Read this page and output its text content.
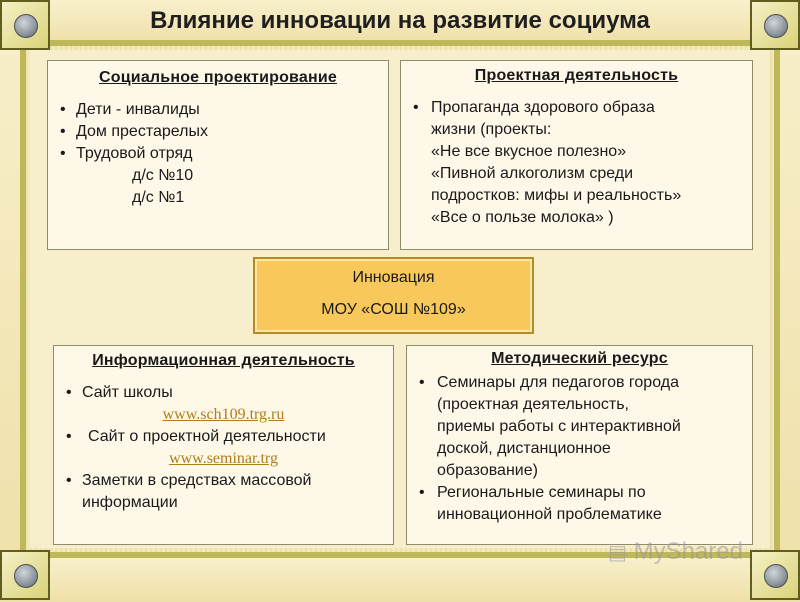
Влияние инновации на развитие социума
Социальное проектирование
• Дети - инвалиды
• Дом престарелых
• Трудовой отряд
д/с №10
д/с №1
Проектная деятельность
• Пропаганда здорового образа
жизни (проекты:
«Не все вкусное полезно»
«Пивной алкоголизм среди
подростков: мифы и реальность»
«Все о пользе молока» )
Инновация
МОУ «СОШ №109»
Информационная деятельность
• Сайт школы
www.sch109.trg.ru
• Сайт о проектной деятельности
www.seminar.trg
• Заметки в средствах массовой
информации
Методический ресурс
• Семинары для педагогов города
(проектная деятельность,
приемы работы с интерактивной
доской, дистанционное
образование)
• Региональные семинары по
инновационной проблематике
▤ MyShared
